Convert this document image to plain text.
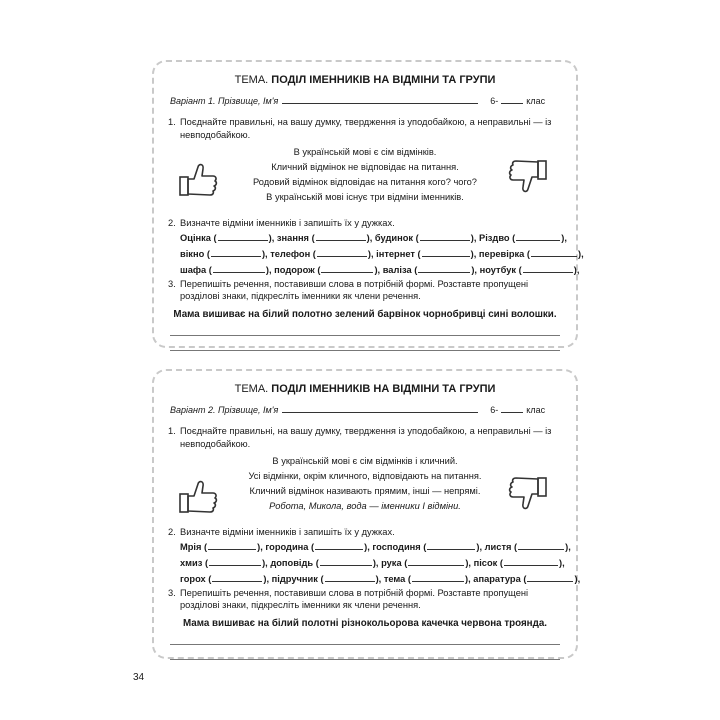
ТЕМА. ПОДІЛ ІМЕННИКІВ НА ВІДМІНИ ТА ГРУПИ
Варіант 1. Прізвище, Ім'я	6-	клас
1. Поєднайте правильні, на вашу думку, твердження із уподобайкою, а неправильні — із невподобайкою.
В українській мові є сім відмінків.
Кличний відмінок не відповідає на питання.
Родовий відмінок відповідає на питання кого? чого?
В українській мові існує три відміни іменників.
2. Визначте відміни іменників і запишіть їх у дужках.
Оцінка (	), знання (	), будинок (	), Різдво (	),
вікно (	), телефон (	), інтернет (	), перевірка (	),
шафа (	), подорож (	), валіза (	), ноутбук (	),
3. Перепишіть речення, поставивши слова в потрібній формі. Розставте пропущені розділові знаки, підкресліть іменники як члени речення.
Мама вишиває на білий полотно зелений барвінок чорнобривці сині волошки.
ТЕМА. ПОДІЛ ІМЕННИКІВ НА ВІДМІНИ ТА ГРУПИ
Варіант 2. Прізвище, Ім'я	6-	клас
1. Поєднайте правильні, на вашу думку, твердження із уподобайкою, а неправильні — із невподобайкою.
В українській мові є сім відмінків і кличний.
Усі відмінки, окрім кличного, відповідають на питання.
Кличний відмінок називають прямим, інші — непрямі.
Робота, Микола, вода — іменники I відміни.
2. Визначте відміни іменників і запишіть їх у дужках.
Мрія (	), городина (	), господиня (	), листя (	),
хмиз (	), доповідь (	), рука (	), пісок (	),
горох (	), підручник (	), тема (	), апаратура (	),
3. Перепишіть речення, поставивши слова в потрібній формі. Розставте пропущені розділові знаки, підкресліть іменники як члени речення.
Мама вишиває на білий полотні різнокольорова качечка червона троянда.
34
